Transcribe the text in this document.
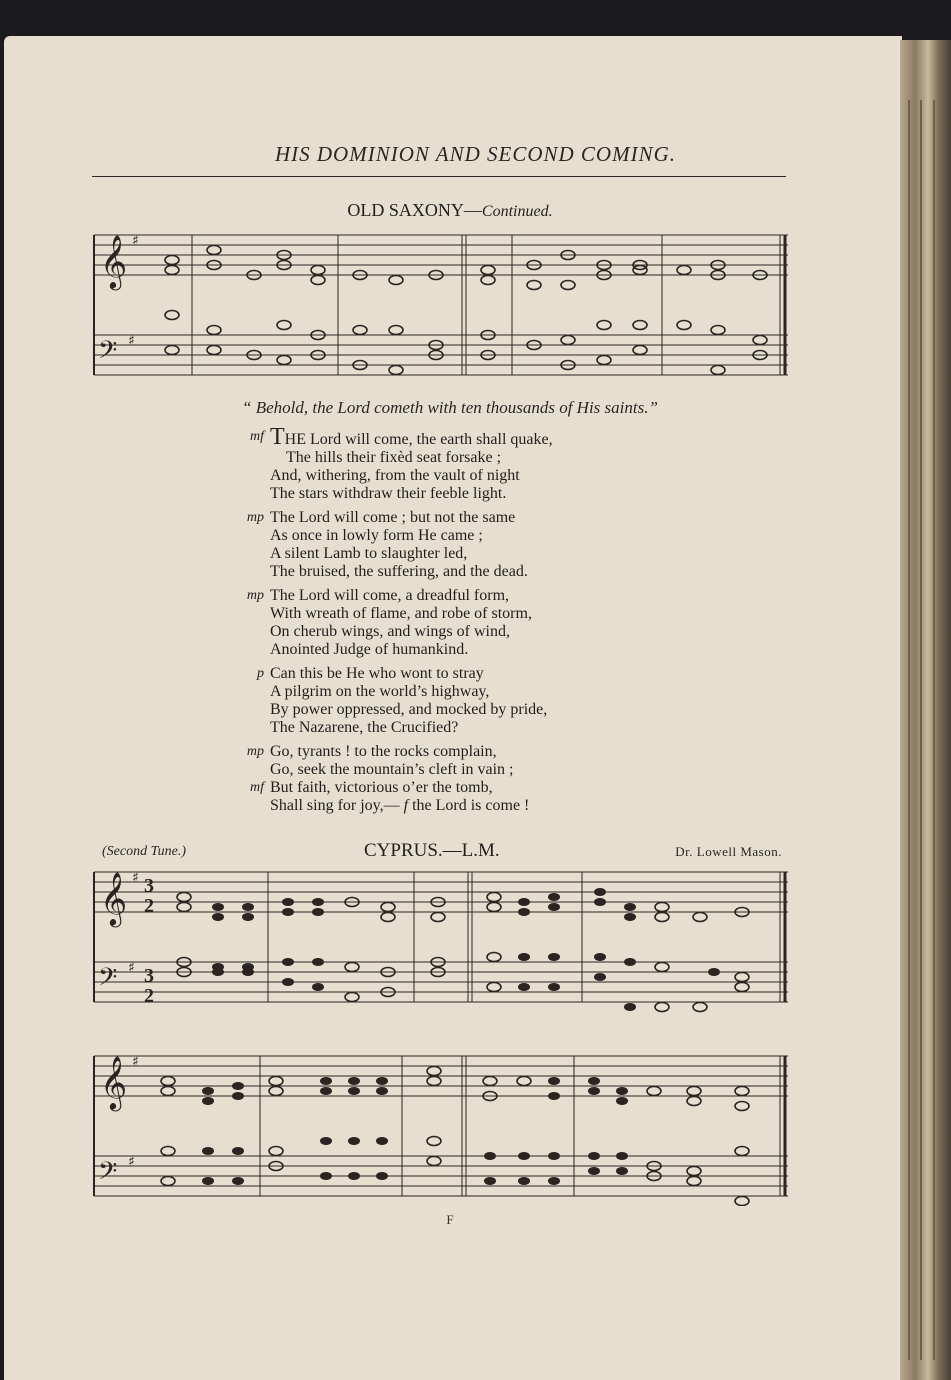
HIS DOMINION AND SECOND COMING.
OLD SAXONY—Continued.
𝄞
𝄢
♯
♯
“ Behold, the Lord cometh with ten thousands of His saints.”
mf THE Lord will come, the earth shall quake,
The hills their fixèd seat forsake ;
And, withering, from the vault of night
The stars withdraw their feeble light.
mp The Lord will come ; but not the same
As once in lowly form He came ;
A silent Lamb to slaughter led,
The bruised, the suffering, and the dead.
mp The Lord will come, a dreadful form,
With wreath of flame, and robe of storm,
On cherub wings, and wings of wind,
Anointed Judge of humankind.
p Can this be He who wont to stray
A pilgrim on the world’s highway,
By power oppressed, and mocked by pride,
The Nazarene, the Crucified?
mp Go, tyrants ! to the rocks complain,
Go, seek the mountain’s cleft in vain ;
mf But faith, victorious o’er the tomb,
Shall sing for joy,— f the Lord is come !
(Second Tune.)	CYPRUS.—L.M.	Dr. Lowell Mason.
𝄞
𝄢
♯
♯
3
2
3
2
𝄞
𝄢
♯
♯
F
